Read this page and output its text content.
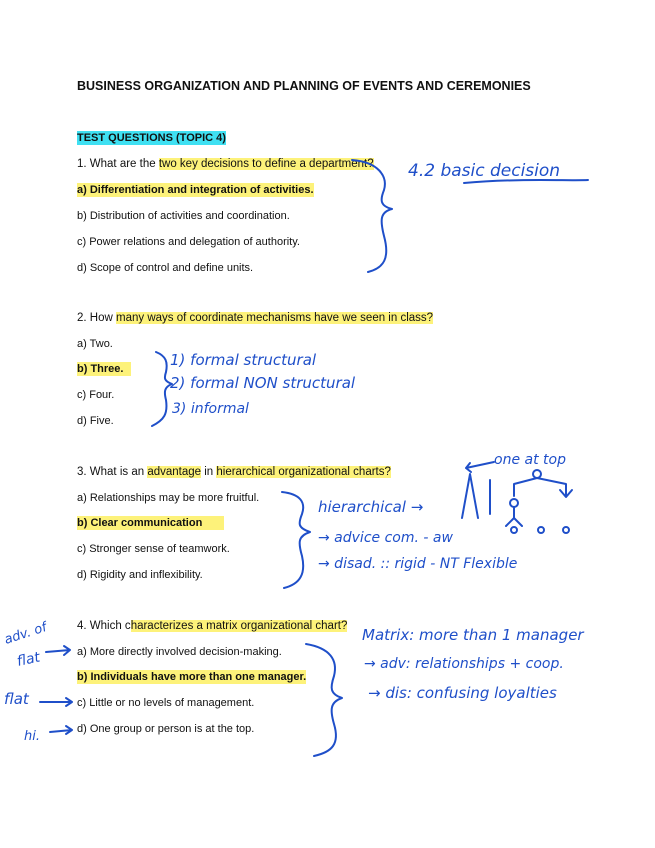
BUSINESS ORGANIZATION AND PLANNING OF EVENTS AND CEREMONIES
TEST QUESTIONS (TOPIC 4)
1. What are the two key decisions to define a department?
a) Differentiation and integration of activities.
b) Distribution of activities and coordination.
c) Power relations and delegation of authority.
d) Scope of control and define units.
2. How many ways of coordinate mechanisms have we seen in class?
a) Two.
b) Three.
c) Four.
d) Five.
3. What is an advantage in hierarchical organizational charts?
a) Relationships may be more fruitful.
b) Clear communication
c) Stronger sense of teamwork.
d) Rigidity and inflexibility.
4. Which characterizes a matrix organizational chart?
a) More directly involved decision-making.
b) Individuals have more than one manager.
c) Little or no levels of management.
d) One group or person is at the top.
4.2 basic decision
1) formal structural
2) formal NON structural
3) informal
one at top
hierarchical →
→ advice com. - aw
→ disad. :: rigid - NT Flexible
Matrix: more than 1 manager
→ adv: relationships + coop.
→ dis: confusing loyalties
adv. of
flat
flat
hi.
